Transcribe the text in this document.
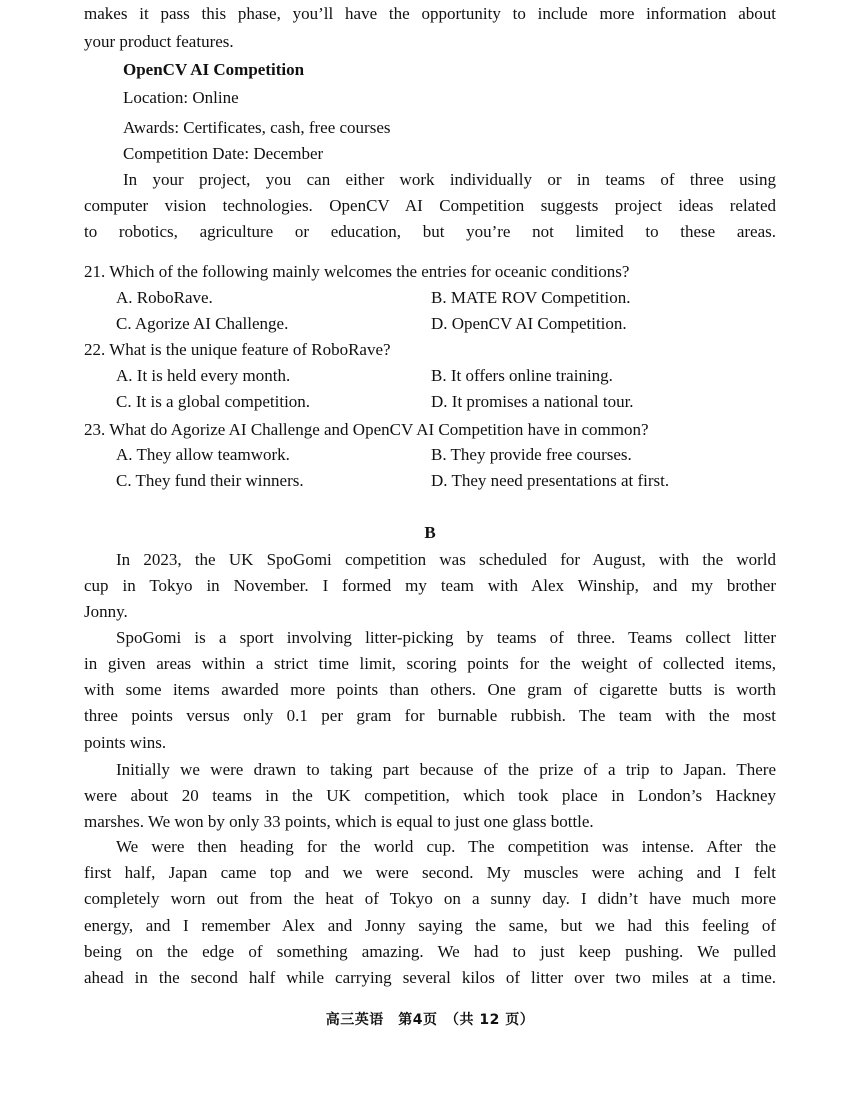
makes it pass this phase, you’ll have the opportunity to include more information about
your product features.
OpenCV AI Competition
Location: Online
Awards: Certificates, cash, free courses
Competition Date: December
In your project, you can either work individually or in teams of three using
computer vision technologies. OpenCV AI Competition suggests project ideas related
to robotics, agriculture or education, but you’re not limited to these areas.
21. Which of the following mainly welcomes the entries for oceanic conditions?
A. RoboRave.	B. MATE ROV Competition.
C. Agorize AI Challenge.	D. OpenCV AI Competition.
22. What is the unique feature of RoboRave?
A. It is held every month.	B. It offers online training.
C. It is a global competition.	D. It promises a national tour.
23. What do Agorize AI Challenge and OpenCV AI Competition have in common?
A. They allow teamwork.	B. They provide free courses.
C. They fund their winners.	D. They need presentations at first.
B
In 2023, the UK SpoGomi competition was scheduled for August, with the world
cup in Tokyo in November. I formed my team with Alex Winship, and my brother
Jonny.
SpoGomi is a sport involving litter-picking by teams of three. Teams collect litter
in given areas within a strict time limit, scoring points for the weight of collected items,
with some items awarded more points than others. One gram of cigarette butts is worth
three points versus only 0.1 per gram for burnable rubbish. The team with the most
points wins.
Initially we were drawn to taking part because of the prize of a trip to Japan. There
were about 20 teams in the UK competition, which took place in London’s Hackney
marshes. We won by only 33 points, which is equal to just one glass bottle.
We were then heading for the world cup. The competition was intense. After the
first half, Japan came top and we were second. My muscles were aching and I felt
completely worn out from the heat of Tokyo on a sunny day. I didn’t have much more
energy, and I remember Alex and Jonny saying the same, but we had this feeling of
being on the edge of something amazing. We had to just keep pushing. We pulled
ahead in the second half while carrying several kilos of litter over two miles at a time.
高三英语　第4页　（共 12 页）
